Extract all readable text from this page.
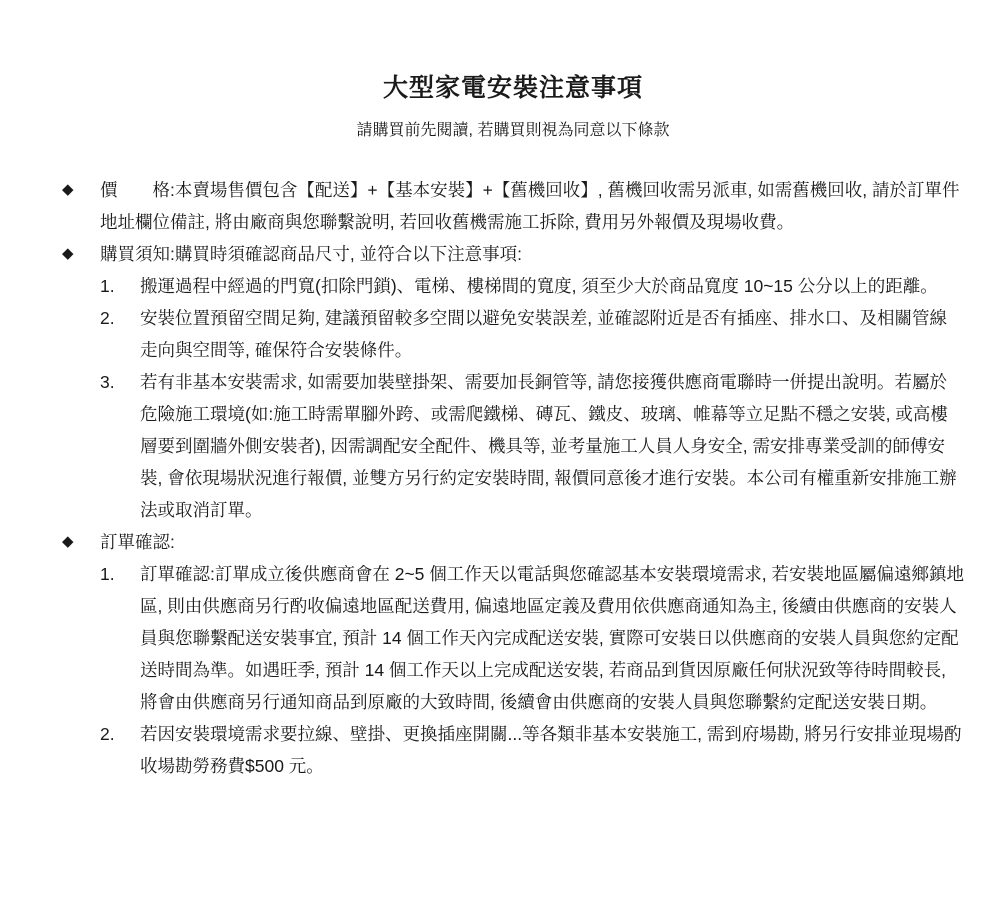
大型家電安裝注意事項
請購買前先閱讀, 若購買則視為同意以下條款
◆	價　　格:本賣場售價包含【配送】+【基本安裝】+【舊機回收】, 舊機回收需另派車, 如需舊機回收, 請於訂單件地址欄位備註, 將由廠商與您聯繫說明, 若回收舊機需施工拆除, 費用另外報價及現場收費。
◆	購買須知:購買時須確認商品尺寸, 並符合以下注意事項:
1.	搬運過程中經過的門寬(扣除門鎖)、電梯、樓梯間的寬度, 須至少大於商品寬度 10~15 公分以上的距離。
2.	安裝位置預留空間足夠, 建議預留較多空間以避免安裝誤差, 並確認附近是否有插座、排水口、及相關管線走向與空間等, 確保符合安裝條件。
3.	若有非基本安裝需求, 如需要加裝壁掛架、需要加長銅管等, 請您接獲供應商電聯時一併提出說明。若屬於危險施工環境(如:施工時需單腳外跨、或需爬鐵梯、磚瓦、鐵皮、玻璃、帷幕等立足點不穩之安裝, 或高樓層要到圍牆外側安裝者), 因需調配安全配件、機具等, 並考量施工人員人身安全, 需安排專業受訓的師傅安裝, 會依現場狀況進行報價, 並雙方另行約定安裝時間, 報價同意後才進行安裝。本公司有權重新安排施工辦法或取消訂單。
◆	訂單確認:
1.	訂單確認:訂單成立後供應商會在 2~5 個工作天以電話與您確認基本安裝環境需求, 若安裝地區屬偏遠鄉鎮地區, 則由供應商另行酌收偏遠地區配送費用, 偏遠地區定義及費用依供應商通知為主, 後續由供應商的安裝人員與您聯繫配送安裝事宜, 預計 14 個工作天內完成配送安裝, 實際可安裝日以供應商的安裝人員與您約定配送時間為準。如遇旺季, 預計 14 個工作天以上完成配送安裝, 若商品到貨因原廠任何狀況致等待時間較長, 將會由供應商另行通知商品到原廠的大致時間, 後續會由供應商的安裝人員與您聯繫約定配送安裝日期。
2.	若因安裝環境需求要拉線、壁掛、更換插座開關...等各類非基本安裝施工, 需到府場勘, 將另行安排並現場酌收場勘勞務費$500 元。
